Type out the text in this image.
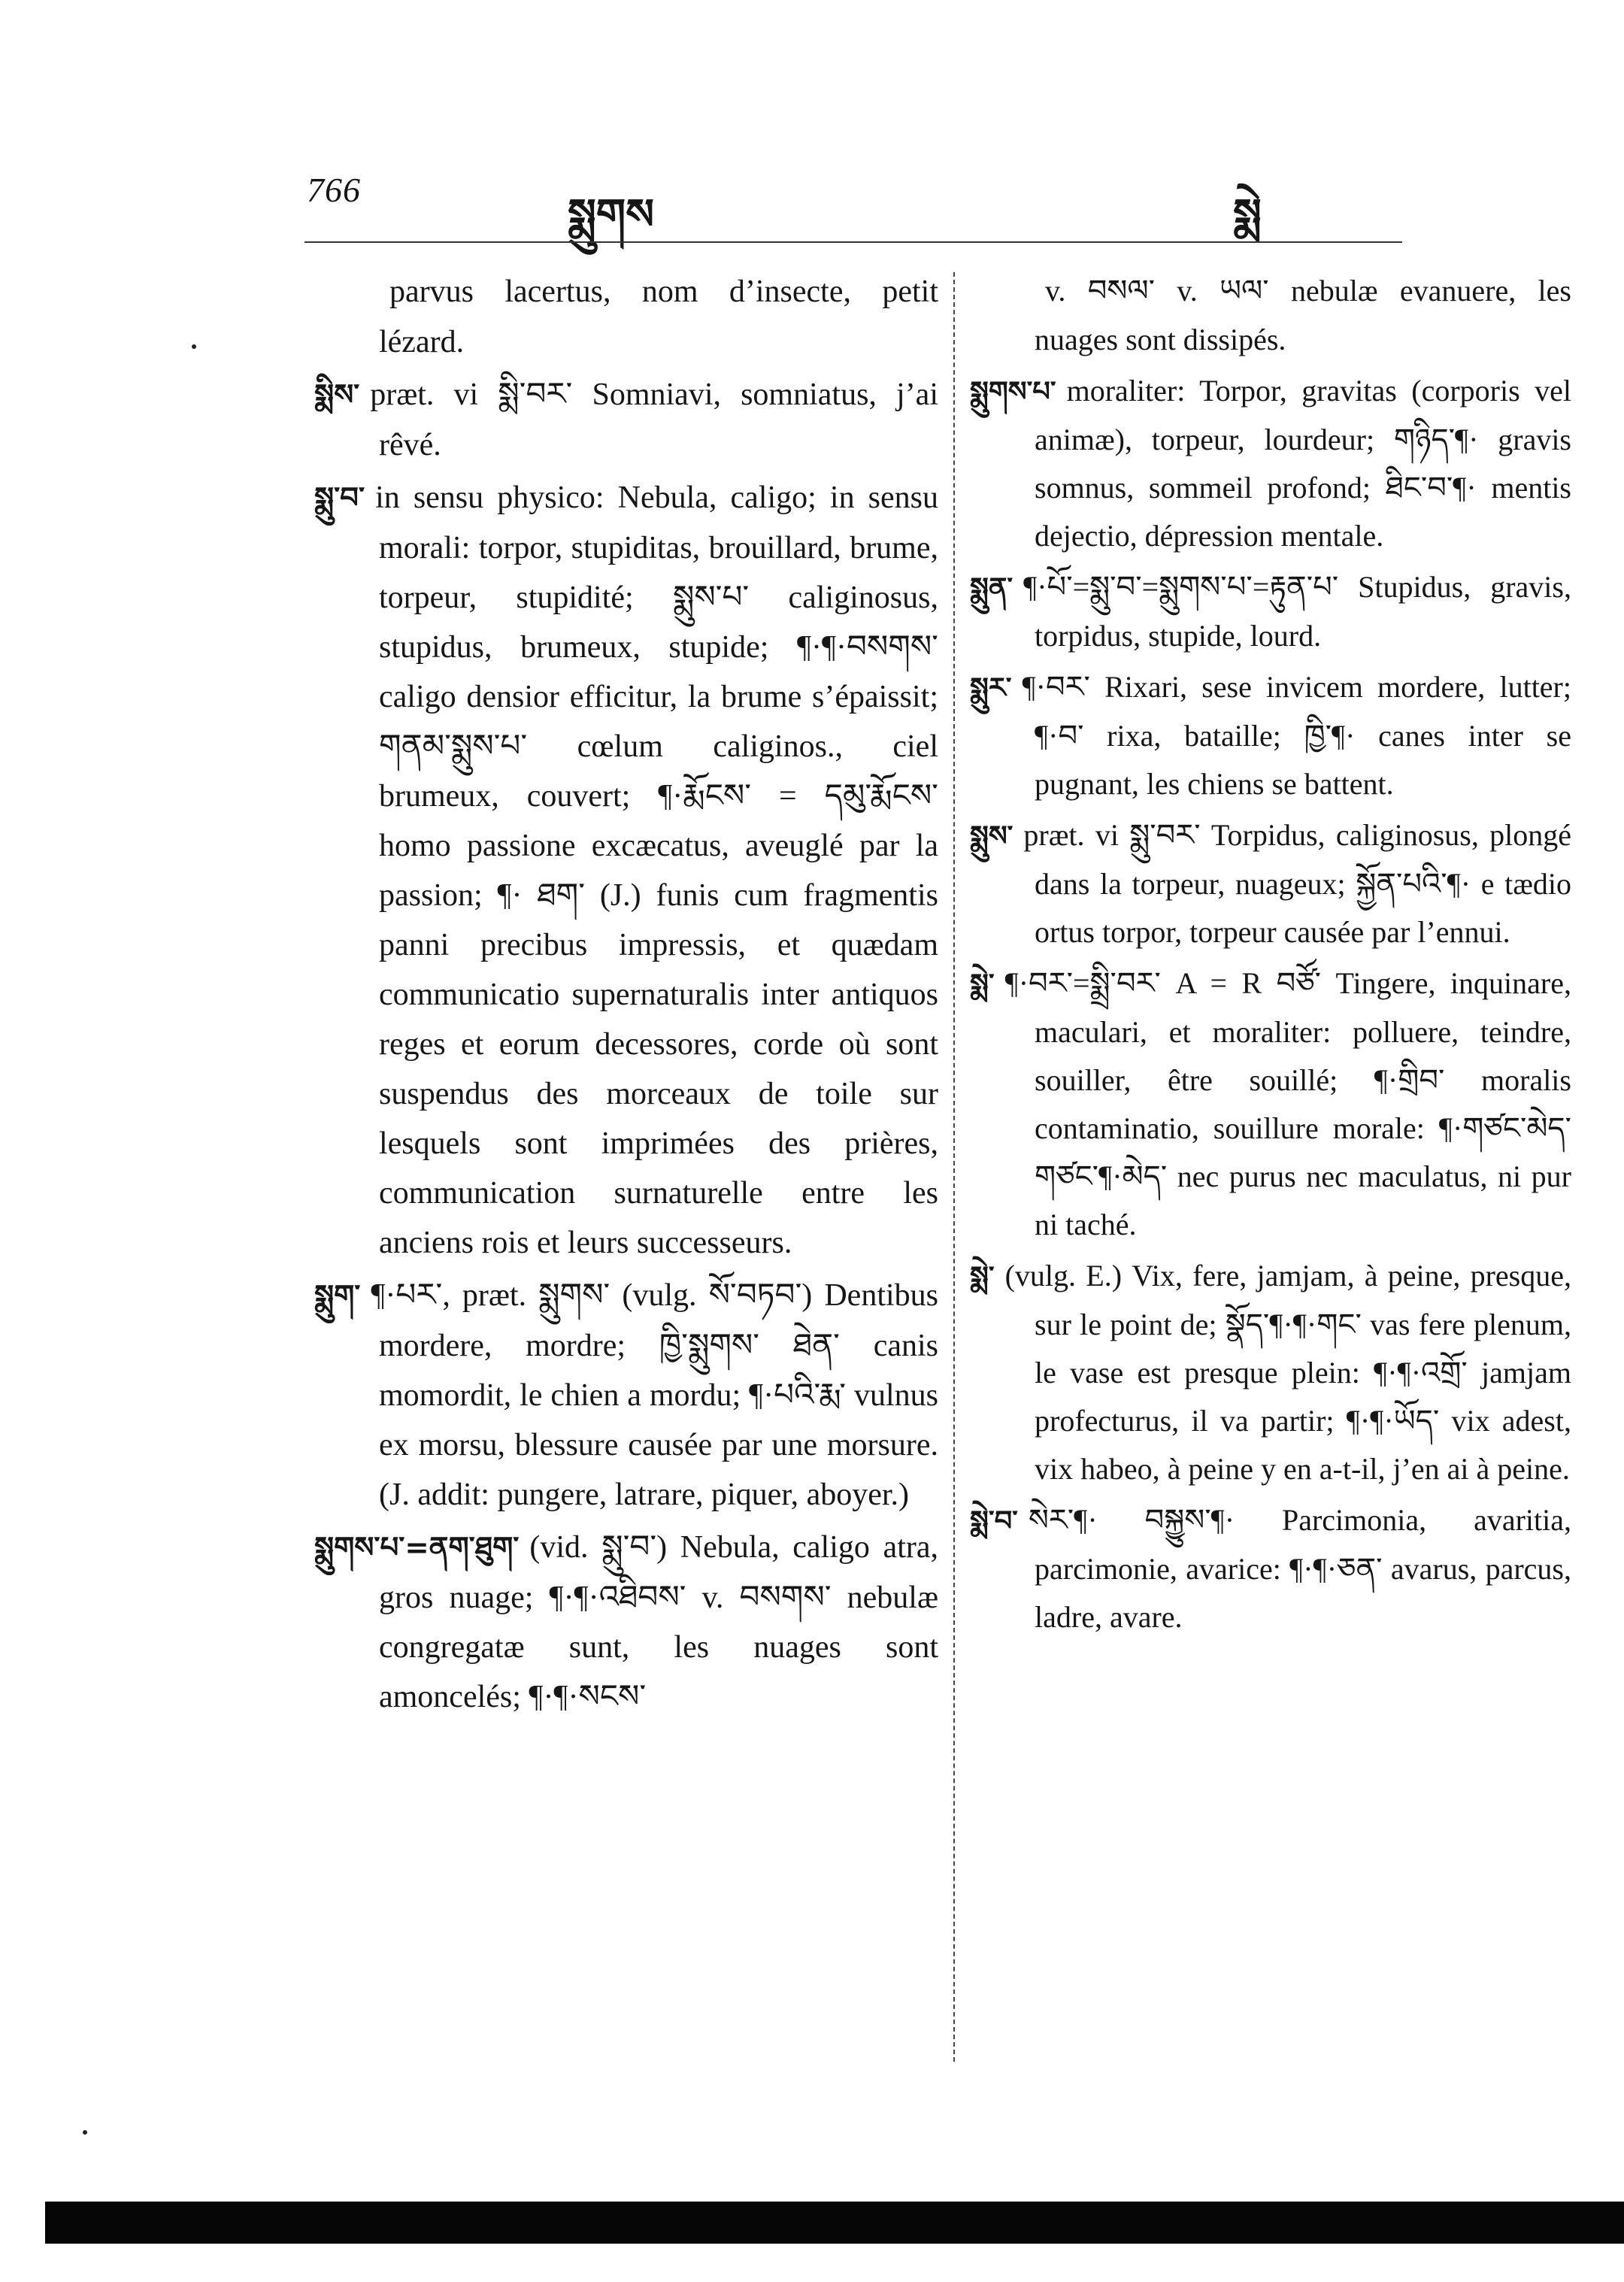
766
སྨུགས	སྨེ

parvus lacertus, nom d’insecte, petit lézard.

སྨིས་ præt. vi སྨི་བར་ Somniavi, somniatus, j’ai rêvé.

སྨུ་བ་ in sensu physico: Nebula, caligo; in sensu morali: torpor, stupiditas, brouillard, brume, torpeur, stupidité; སྨུས་པ་ caliginosus, stupidus, brumeux, stupide; ¶·¶·བསགས་ caligo densior efficitur, la brume s’épaissit; གནམ་སྨུས་པ་ cœlum caliginos., ciel brumeux, couvert; ¶·རྨོངས་ = དམུ་རྨོངས་ homo passione excæcatus, aveuglé par la passion; ¶· ཐག་ (J.) funis cum fragmentis panni precibus impressis, et quædam communicatio supernaturalis inter antiquos reges et eorum decessores, corde où sont suspendus des morceaux de toile sur lesquels sont imprimées des prières, communication surnaturelle entre les anciens rois et leurs successeurs.

སྨུག་ ¶·པར་, præt. སྨུགས་ (vulg. སོ་བཏབ་) Dentibus mordere, mordre; ཁྱི་སྨུགས་ ཐེན་ canis momordit, le chien a mordu; ¶·པའི་རྨ་ vulnus ex morsu, blessure causée par une morsure. (J. addit: pungere, latrare, piquer, aboyer.)

སྨུགས་པ་=ནག་ཐུག་ (vid. སྨུ་བ་) Nebula, caligo atra, gros nuage; ¶·¶·འཐིབས་ v. བསགས་ nebulæ congregatæ sunt, les nuages sont amoncelés; ¶·¶·སངས་

v. བསལ་ v. ཡལ་ nebulæ evanuere, les nuages sont dissipés.

སྨུགས་པ་ moraliter: Torpor, gravitas (corporis vel animæ), torpeur, lourdeur; གཉིད་¶· gravis somnus, sommeil profond; ཐིང་བ་¶· mentis dejectio, dépression mentale.

སྨུན་ ¶·པོ་=སྨུ་བ་=སྨུགས་པ་=རྟུན་པ་ Stupidus, gravis, torpidus, stupide, lourd.

སྨུར་ ¶·བར་ Rixari, sese invicem mordere, lutter; ¶·བ་ rixa, bataille; ཁྱི་¶· canes inter se pugnant, les chiens se battent.

སྨུས་ præt. vi སྨུ་བར་ Torpidus, caliginosus, plongé dans la torpeur, nuageux; སྐྱོན་པའི་¶· e tædio ortus torpor, torpeur causée par l’ennui.

སྨེ་ ¶·བར་=སྨྲི་བར་ A = R བཙོ་ Tingere, inquinare, maculari, et moraliter: polluere, teindre, souiller, être souillé; ¶·གྲིབ་ moralis contaminatio, souillure morale: ¶·གཙང་མེད་ གཙང་¶·མེད་ nec purus nec maculatus, ni pur ni taché.

སྨེ་ (vulg. E.) Vix, fere, jamjam, à peine, presque, sur le point de; སྣོད་¶·¶·གང་ vas fere plenum, le vase est presque plein: ¶·¶·འགྲོ་ jamjam profecturus, il va partir; ¶·¶·ཡོད་ vix adest, vix habeo, à peine y en a-t-il, j’en ai à peine.

སྨེ་བ་ སེར་¶· བསྐྱུས་¶· Parcimonia, avaritia, parcimonie, avarice: ¶·¶·ཅན་ avarus, parcus, ladre, avare.
